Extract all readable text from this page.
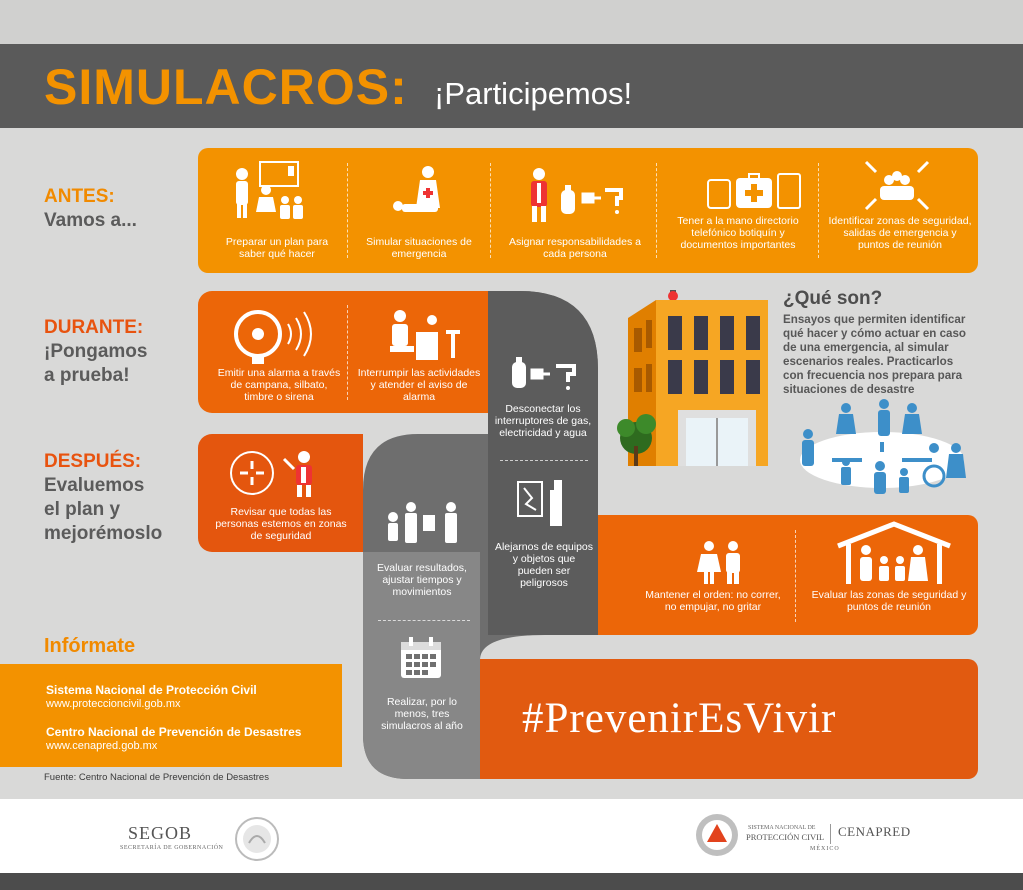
SIMULACROS: ¡Participemos!
ANTES:
Vamos a...
DURANTE:
¡Pongamos
a prueba!
DESPUÉS:
Evaluemos
el plan y
mejorémoslo
Preparar un plan para saber qué hacer
Simular situaciones de emergencia
Asignar responsabilidades a cada persona
Tener a la mano directorio telefónico botiquín y documentos importantes
Identificar zonas de seguridad, salidas de emergencia y puntos de reunión
Emitir una alarma a través de campana, silbato, timbre o sirena
Interrumpir las actividades y atender el aviso de alarma
Desconectar los interruptores de gas, electricidad y agua
Alejarnos de equipos y objetos que pueden ser peligrosos
Revisar que todas las personas estemos en zonas de seguridad
Evaluar resultados, ajustar tiempos y movimientos
Realizar, por lo menos, tres simulacros al año
Mantener el orden: no correr, no empujar, no gritar
Evaluar las zonas de seguridad y puntos de reunión
¿Qué son?
Ensayos que permiten identificar qué hacer y cómo actuar en caso de una emergencia, al simular escenarios reales. Practicarlos con frecuencia nos prepara para situaciones de desastre
Infórmate
Sistema Nacional de Protección Civil
www.proteccioncivil.gob.mx
Centro Nacional de Prevención de Desastres
www.cenapred.gob.mx
Fuente: Centro Nacional de Prevención de Desastres
#PrevenirEsVivir
SEGOB
SECRETARÍA DE GOBERNACIÓN
SISTEMA NACIONAL DE
PROTECCIÓN CIVIL CENAPRED
MÉXICO
